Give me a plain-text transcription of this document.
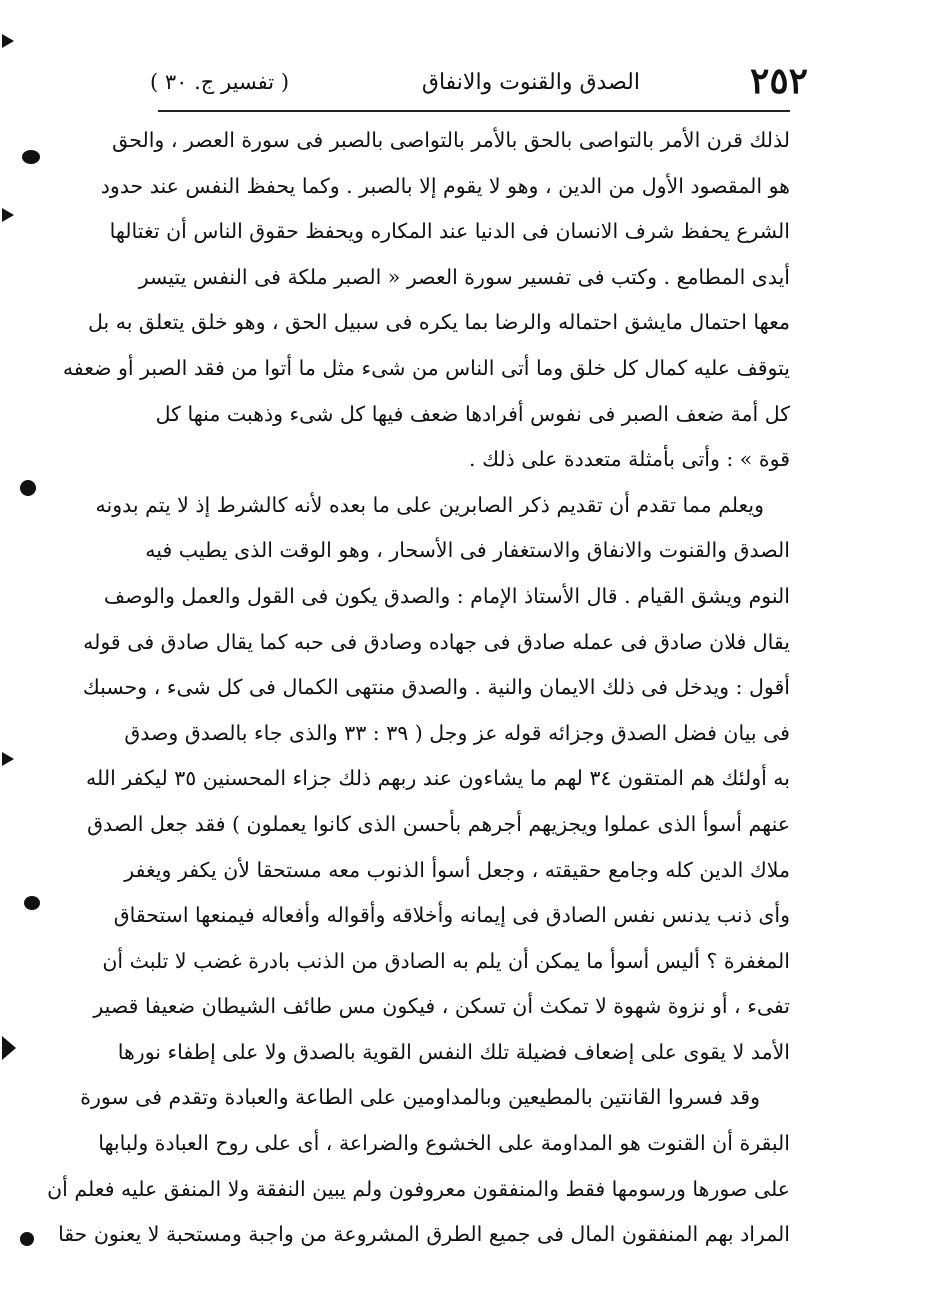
٢٥٢
الصدق والقنوت والانفاق
( تفسير ج. ٣٠ )
لذلك قرن الأمر بالتواصى بالحق بالأمر بالتواصى بالصبر فى سورة العصر ، والحق
هو المقصود الأول من الدين ، وهو لا يقوم إلا بالصبر . وكما يحفظ النفس عند حدود
الشرع يحفظ شرف الانسان فى الدنيا عند المكاره ويحفظ حقوق الناس أن تغتالها
أيدى المطامع . وكتب فى تفسير سورة العصر « الصبر ملكة فى النفس يتيسر
معها احتمال مايشق احتماله والرضا بما يكره فى سبيل الحق ، وهو خلق يتعلق به بل
يتوقف عليه كمال كل خلق وما أتى الناس من شىء مثل ما أتوا من فقد الصبر أو ضعفه
كل أمة ضعف الصبر فى نفوس أفرادها ضعف فيها كل شىء وذهبت منها كل
قوة » : وأتى بأمثلة متعددة على ذلك .
ويعلم مما تقدم أن تقديم ذكر الصابرين على ما بعده لأنه كالشرط إذ لا يتم بدونه
الصدق والقنوت والانفاق والاستغفار فى الأسحار ، وهو الوقت الذى يطيب فيه
النوم ويشق القيام . قال الأستاذ الإمام : والصدق يكون فى القول والعمل والوصف
يقال فلان صادق فى عمله صادق فى جهاده وصادق فى حبه كما يقال صادق فى قوله
أقول : ويدخل فى ذلك الايمان والنية . والصدق منتهى الكمال فى كل شىء ، وحسبك
فى بيان فضل الصدق وجزائه قوله عز وجل ( ٣٩ : ٣٣ والذى جاء بالصدق وصدق
به أولئك هم المتقون ٣٤ لهم ما يشاءون عند ربهم ذلك جزاء المحسنين ٣٥ ليكفر الله
عنهم أسوأ الذى عملوا ويجزيهم أجرهم بأحسن الذى كانوا يعملون ) فقد جعل الصدق
ملاك الدين كله وجامع حقيقته ، وجعل أسوأ الذنوب معه مستحقا لأن يكفر ويغفر
وأى ذنب يدنس نفس الصادق فى إيمانه وأخلاقه وأقواله وأفعاله فيمنعها استحقاق
المغفرة ؟ أليس أسوأ ما يمكن أن يلم به الصادق من الذنب بادرة غضب لا تلبث أن
تفىء ، أو نزوة شهوة لا تمكث أن تسكن ، فيكون مس طائف الشيطان ضعيفا قصير
الأمد لا يقوى على إضعاف فضيلة تلك النفس القوية بالصدق ولا على إطفاء نورها
وقد فسروا القانتين بالمطيعين وبالمداومين على الطاعة والعبادة وتقدم فى سورة
البقرة أن القنوت هو المداومة على الخشوع والضراعة ، أى على روح العبادة ولبابها
على صورها ورسومها فقط والمنفقون معروفون ولم يبين النفقة ولا المنفق عليه فعلم أن
المراد بهم المنفقون المال فى جميع الطرق المشروعة من واجبة ومستحبة لا يعنون حقا
